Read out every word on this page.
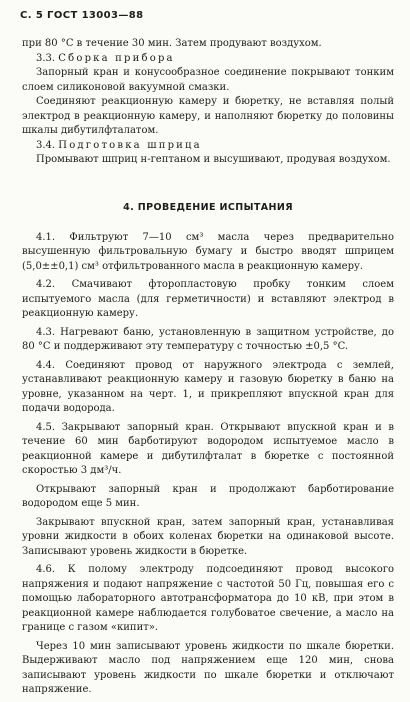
С. 5 ГОСТ 13003—88

при 80 °C в течение 30 мин. Затем продувают воздухом.

3.3. Сборка прибора

Запорный кран и конусообразное соединение покрывают тонким слоем силиконовой вакуумной смазки.

Соединяют реакционную камеру и бюретку, не вставляя полый электрод в реакционную камеру, и наполняют бюретку до половины шкалы дибутилфталатом.

3.4. Подготовка шприца

Промывают шприц н-гептаном и высушивают, продувая воздухом.

4. ПРОВЕДЕНИЕ ИСПЫТАНИЯ

4.1. Фильтруют 7—10 см³ масла через предварительно высушенную фильтровальную бумагу и быстро вводят шприцем (5,0±±0,1) см³ отфильтрованного масла в реакционную камеру.

4.2. Смачивают фторопластовую пробку тонким слоем испытуемого масла (для герметичности) и вставляют электрод в реакционную камеру.

4.3. Нагревают баню, установленную в защитном устройстве, до 80 °C и поддерживают эту температуру с точностью ±0,5 °C.

4.4. Соединяют провод от наружного электрода с землей, устанавливают реакционную камеру и газовую бюретку в баню на уровне, указанном на черт. 1, и прикрепляют впускной кран для подачи водорода.

4.5. Закрывают запорный кран. Открывают впускной кран и в течение 60 мин барботируют водородом испытуемое масло в реакционной камере и дибутилфталат в бюретке с постоянной скоростью 3 дм³/ч.

Открывают запорный кран и продолжают барботирование водородом еще 5 мин.

Закрывают впускной кран, затем запорный кран, устанавливая уровни жидкости в обоих коленах бюретки на одинаковой высоте. Записывают уровень жидкости в бюретке.

4.6. К полому электроду подсоединяют провод высокого напряжения и подают напряжение с частотой 50 Гц, повышая его с помощью лабораторного автотрансформатора до 10 кВ, при этом в реакционной камере наблюдается голубоватое свечение, а масло на границе с газом «кипит».

Через 10 мин записывают уровень жидкости по шкале бюретки. Выдерживают масло под напряжением еще 120 мин, снова записывают уровень жидкости по шкале бюретки и отключают напряжение.
